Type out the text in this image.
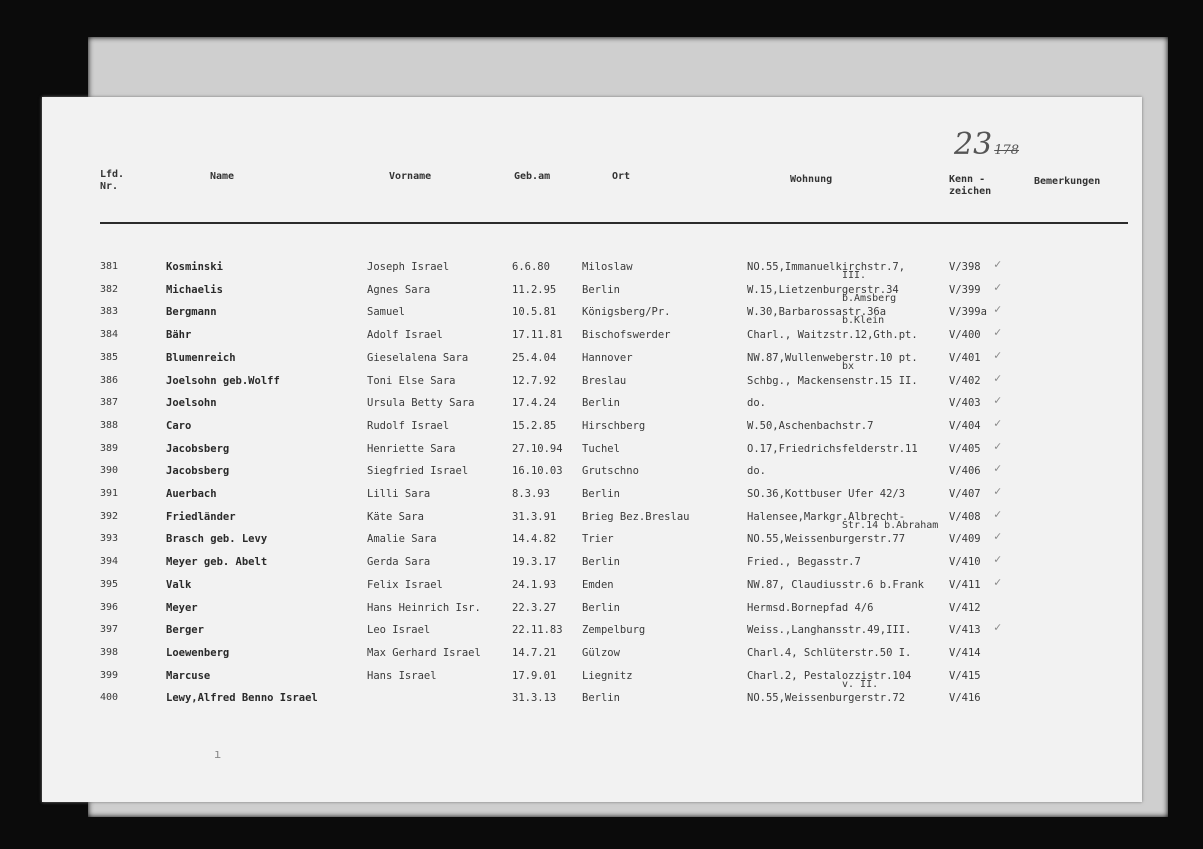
23 178
Lfd.
Nr.
Name	Vorname	Geb.am	Ort	Wohnung	Kenn -
zeichen
Bemerkungen
381	Kosminski	Joseph Israel	6.6.80	Miloslaw	NO.55,Immanuelkirchstr.7,	V/398 ✓
III.
382	Michaelis	Agnes Sara	11.2.95 Berlin	W.15,Lietzenburgerstr.34	V/399 ✓
b.Amsberg
383	Bergmann	Samuel	10.5.81 Königsberg/Pr.	W.30,Barbarossastr.36a	V/399a ✓
b.Klein
384	Bähr	Adolf Israel	17.11.81 Bischofswerder	Charl., Waitzstr.12,Gth.pt.	V/400 ✓
385	Blumenreich	Gieselalena Sara	25.4.04 Hannover	NW.87,Wullenweberstr.10 pt.	V/401 ✓
bx
386	Joelsohn geb.Wolff	Toni Else Sara	12.7.92 Breslau	Schbg., Mackensenstr.15 II.	V/402 ✓
387	Joelsohn	Ursula Betty Sara	17.4.24 Berlin	do.	V/403 ✓
388	Caro	Rudolf Israel	15.2.85 Hirschberg	W.50,Aschenbachstr.7	V/404 ✓
389	Jacobsberg	Henriette Sara	27.10.94 Tuchel	O.17,Friedrichsfelderstr.11	V/405 ✓
390	Jacobsberg	Siegfried Israel	16.10.03 Grutschno	do.	V/406 ✓
391	Auerbach	Lilli Sara	8.3.93	Berlin	SO.36,Kottbuser Ufer 42/3	V/407 ✓
392	Friedländer	Käte Sara	31.3.91 Brieg Bez.Breslau	Halensee,Markgr.Albrecht-	V/408 ✓
Str.14 b.Abraham
393	Brasch geb. Levy	Amalie Sara	14.4.82 Trier	NO.55,Weissenburgerstr.77	V/409 ✓
394	Meyer geb. Abelt	Gerda Sara	19.3.17 Berlin	Fried., Begasstr.7	V/410 ✓
395	Valk	Felix Israel	24.1.93 Emden	NW.87, Claudiusstr.6 b.Frank V/411 ✓
396	Meyer	Hans Heinrich Isr.	22.3.27 Berlin	Hermsd.Bornepfad 4/6	V/412
397	Berger	Leo Israel	22.11.83 Zempelburg	Weiss.,Langhansstr.49,III.	V/413 ✓
398	Loewenberg	Max Gerhard Israel	14.7.21 Gülzow	Charl.4, Schlüterstr.50 I.	V/414
399	Marcuse	Hans Israel	17.9.01 Liegnitz	Charl.2, Pestalozzistr.104	V/415
v. II.
400	Lewy,Alfred Benno Israel	31.3.13 Berlin	NO.55,Weissenburgerstr.72	V/416
ı
